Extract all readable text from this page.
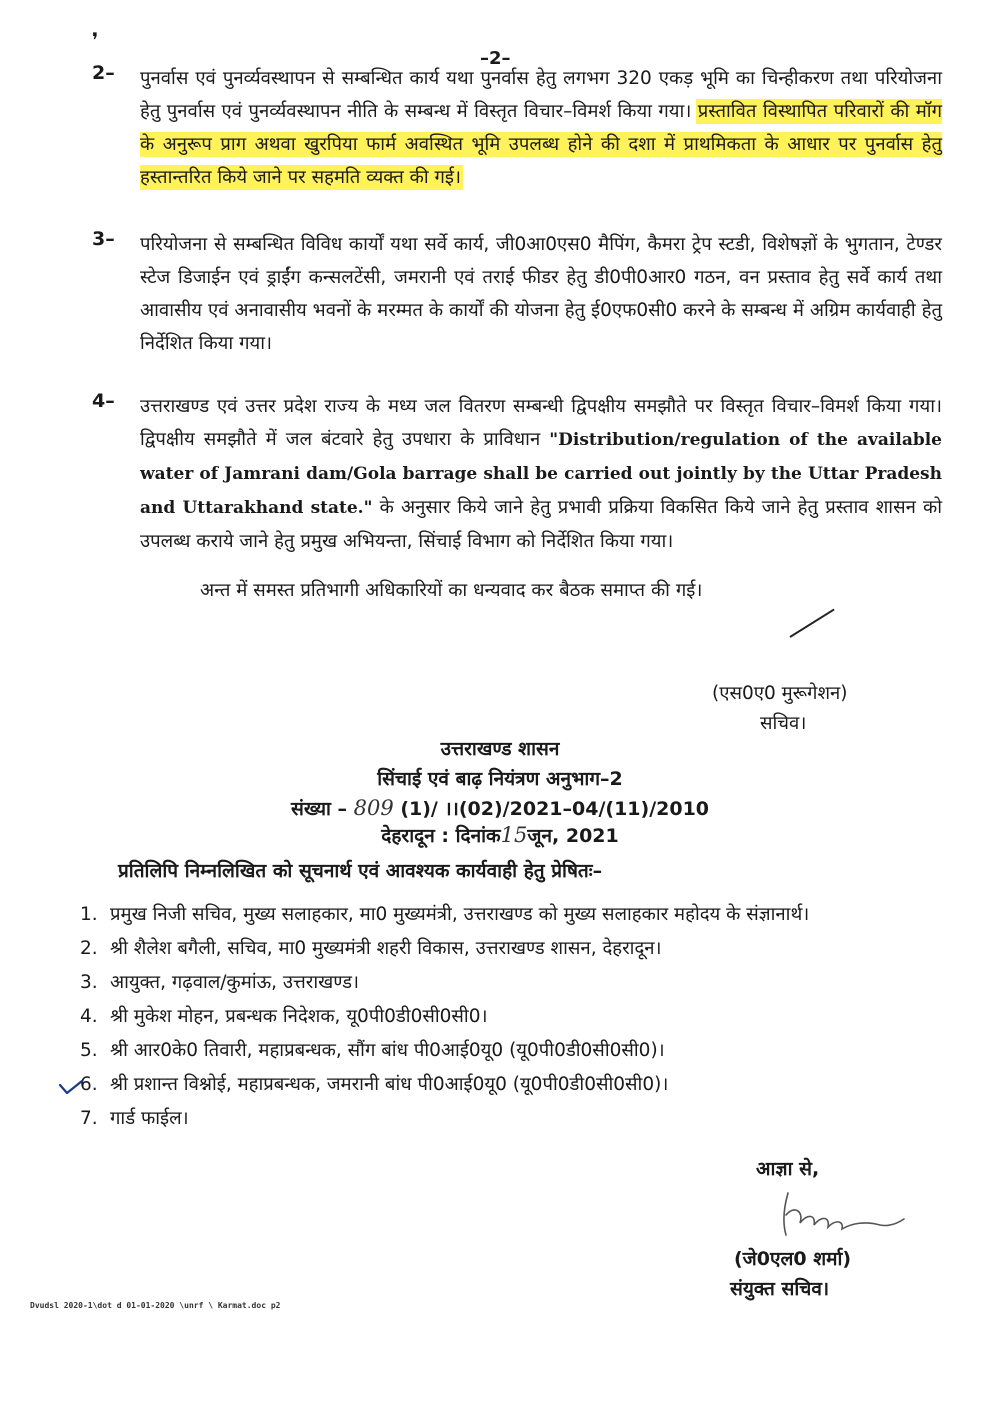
❜
–2–
2– पुनर्वास एवं पुनर्व्यवस्थापन से सम्बन्धित कार्य यथा पुनर्वास हेतु लगभग 320 एकड़ भूमि का चिन्हीकरण तथा परियोजना हेतु पुनर्वास एवं पुनर्व्यवस्थापन नीति के सम्बन्ध में विस्तृत विचार–विमर्श किया गया। प्रस्तावित विस्थापित परिवारों की मॉग के अनुरूप प्राग अथवा खुरपिया फार्म अवस्थित भूमि उपलब्ध होने की दशा में प्राथमिकता के आधार पर पुनर्वास हेतु हस्तान्तरित किये जाने पर सहमति व्यक्त की गई।
3– परियोजना से सम्बन्धित विविध कार्यों यथा सर्वे कार्य, जी0आ0एस0 मैपिंग, कैमरा ट्रेप स्टडी, विशेषज्ञों के भुगतान, टेण्डर स्टेज डिजाईन एवं ड्राईंग कन्सलटेंसी, जमरानी एवं तराई फीडर हेतु डी0पी0आर0 गठन, वन प्रस्ताव हेतु सर्वे कार्य तथा आवासीय एवं अनावासीय भवनों के मरम्मत के कार्यों की योजना हेतु ई0एफ0सी0 करने के सम्बन्ध में अग्रिम कार्यवाही हेतु निर्देशित किया गया।
4– उत्तराखण्ड एवं उत्तर प्रदेश राज्य के मध्य जल वितरण सम्बन्धी द्विपक्षीय समझौते पर विस्तृत विचार–विमर्श किया गया। द्विपक्षीय समझौते में जल बंटवारे हेतु उपधारा के प्राविधान "Distribution/regulation of the available water of Jamrani dam/Gola barrage shall be carried out jointly by the Uttar Pradesh and Uttarakhand state." के अनुसार किये जाने हेतु प्रभावी प्रक्रिया विकसित किये जाने हेतु प्रस्ताव शासन को उपलब्ध कराये जाने हेतु प्रमुख अभियन्ता, सिंचाई विभाग को निर्देशित किया गया।
अन्त में समस्त प्रतिभागी अधिकारियों का धन्यवाद कर बैठक समाप्त की गई।
(एस0ए0 मुरूगेशन)
सचिव।
उत्तराखण्ड शासन
सिंचाई एवं बाढ़ नियंत्रण अनुभाग–2
संख्या – 809 (1)/ ।।(02)/2021–04/(11)/2010
देहरादून : दिनांक15जून, 2021
प्रतिलिपि निम्नलिखित को सूचनार्थ एवं आवश्यक कार्यवाही हेतु प्रेषितः–
1. प्रमुख निजी सचिव, मुख्य सलाहकार, मा0 मुख्यमंत्री, उत्तराखण्ड को मुख्य सलाहकार महोदय के संज्ञानार्थ।
2. श्री शैलेश बगैली, सचिव, मा0 मुख्यमंत्री शहरी विकास, उत्तराखण्ड शासन, देहरादून।
3. आयुक्त, गढ़वाल/कुमांऊ, उत्तराखण्ड।
4. श्री मुकेश मोहन, प्रबन्धक निदेशक, यू0पी0डी0सी0सी0।
5. श्री आर0के0 तिवारी, महाप्रबन्धक, सौंग बांध पी0आई0यू0 (यू0पी0डी0सी0सी0)।
6. श्री प्रशान्त विश्नोई, महाप्रबन्धक, जमरानी बांध पी0आई0यू0 (यू0पी0डी0सी0सी0)।
7. गार्ड फाईल।
आज्ञा से,
(जे0एल0 शर्मा)
संयुक्त सचिव।
Dvudsl 2020-1\dot d 01-01-2020 \unrf \ Karmat.doc p2
